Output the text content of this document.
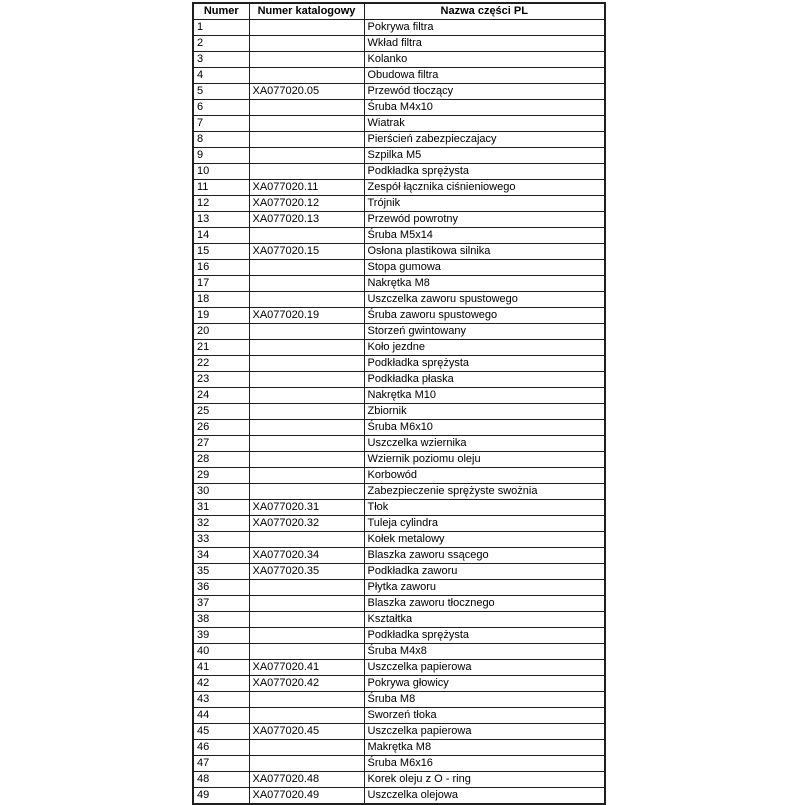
Numer	Numer katalogowy	Nazwa części PL
1		Pokrywa filtra
2		Wkład filtra
3		Kolanko
4		Obudowa filtra
5	XA077020.05	Przewód tłoczący
6		Śruba M4x10
7		Wiatrak
8		Pierścień zabezpieczajacy
9		Szpilka M5
10		Podkładka sprężysta
11	XA077020.11	Zespół łącznika ciśnieniowego
12	XA077020.12	Trójnik
13	XA077020.13	Przewód powrotny
14		Śruba M5x14
15	XA077020.15	Osłona plastikowa silnika
16		Stopa gumowa
17		Nakrętka M8
18		Uszczelka zaworu spustowego
19	XA077020.19	Śruba zaworu spustowego
20		Storzeń gwintowany
21		Koło jezdne
22		Podkładka sprężysta
23		Podkładka płaska
24		Nakrętka M10
25		Zbiornik
26		Śruba M6x10
27		Uszczelka wziernika
28		Wziernik poziomu oleju
29		Korbowód
30		Zabezpieczenie sprężyste swożnia
31	XA077020.31	Tłok
32	XA077020.32	Tuleja cylindra
33		Kołek metalowy
34	XA077020.34	Blaszka zaworu ssącego
35	XA077020.35	Podkładka zaworu
36		Płytka zaworu
37		Blaszka zaworu tłocznego
38		Kształtka
39		Podkładka sprężysta
40		Śruba M4x8
41	XA077020.41	Uszczelka papierowa
42	XA077020.42	Pokrywa głowicy
43		Śruba M8
44		Sworzeń tłoka
45	XA077020.45	Uszczelka papierowa
46		Makrętka M8
47		Śruba M6x16
48	XA077020.48	Korek oleju z O - ring
49	XA077020.49	Uszczelka olejowa
